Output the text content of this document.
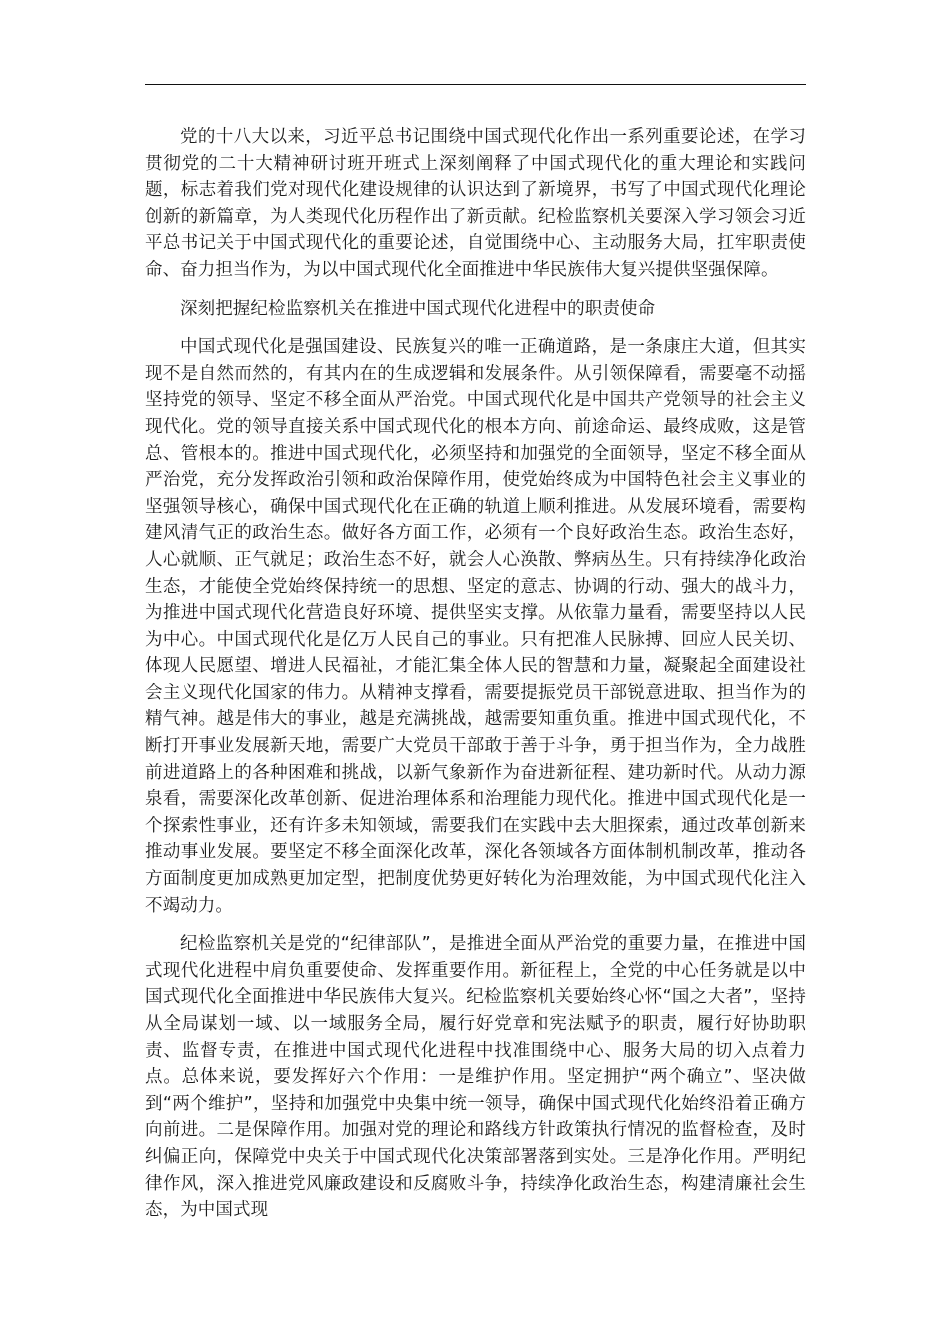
党的十八大以来，习近平总书记围绕中国式现代化作出一系列重要论述，在学习贯彻党的二十大精神研讨班开班式上深刻阐释了中国式现代化的重大理论和实践问题，标志着我们党对现代化建设规律的认识达到了新境界，书写了中国式现代化理论创新的新篇章，为人类现代化历程作出了新贡献。纪检监察机关要深入学习领会习近平总书记关于中国式现代化的重要论述，自觉围绕中心、主动服务大局，扛牢职责使命、奋力担当作为，为以中国式现代化全面推进中华民族伟大复兴提供坚强保障。

深刻把握纪检监察机关在推进中国式现代化进程中的职责使命

中国式现代化是强国建设、民族复兴的唯一正确道路，是一条康庄大道，但其实现不是自然而然的，有其内在的生成逻辑和发展条件。从引领保障看，需要毫不动摇坚持党的领导、坚定不移全面从严治党。中国式现代化是中国共产党领导的社会主义现代化。党的领导直接关系中国式现代化的根本方向、前途命运、最终成败，这是管总、管根本的。推进中国式现代化，必须坚持和加强党的全面领导，坚定不移全面从严治党，充分发挥政治引领和政治保障作用，使党始终成为中国特色社会主义事业的坚强领导核心，确保中国式现代化在正确的轨道上顺利推进。从发展环境看，需要构建风清气正的政治生态。做好各方面工作，必须有一个良好政治生态。政治生态好，人心就顺、正气就足；政治生态不好，就会人心涣散、弊病丛生。只有持续净化政治生态，才能使全党始终保持统一的思想、坚定的意志、协调的行动、强大的战斗力，为推进中国式现代化营造良好环境、提供坚实支撑。从依靠力量看，需要坚持以人民为中心。中国式现代化是亿万人民自己的事业。只有把准人民脉搏、回应人民关切、体现人民愿望、增进人民福祉，才能汇集全体人民的智慧和力量，凝聚起全面建设社会主义现代化国家的伟力。从精神支撑看，需要提振党员干部锐意进取、担当作为的精气神。越是伟大的事业，越是充满挑战，越需要知重负重。推进中国式现代化，不断打开事业发展新天地，需要广大党员干部敢于善于斗争，勇于担当作为，全力战胜前进道路上的各种困难和挑战，以新气象新作为奋进新征程、建功新时代。从动力源泉看，需要深化改革创新、促进治理体系和治理能力现代化。推进中国式现代化是一个探索性事业，还有许多未知领域，需要我们在实践中去大胆探索，通过改革创新来推动事业发展。要坚定不移全面深化改革，深化各领域各方面体制机制改革，推动各方面制度更加成熟更加定型，把制度优势更好转化为治理效能，为中国式现代化注入不竭动力。

纪检监察机关是党的“纪律部队”，是推进全面从严治党的重要力量，在推进中国式现代化进程中肩负重要使命、发挥重要作用。新征程上，全党的中心任务就是以中国式现代化全面推进中华民族伟大复兴。纪检监察机关要始终心怀“国之大者”，坚持从全局谋划一域、以一域服务全局，履行好党章和宪法赋予的职责，履行好协助职责、监督专责，在推进中国式现代化进程中找准围绕中心、服务大局的切入点着力点。总体来说，要发挥好六个作用：一是维护作用。坚定拥护“两个确立”、坚决做到“两个维护”，坚持和加强党中央集中统一领导，确保中国式现代化始终沿着正确方向前进。二是保障作用。加强对党的理论和路线方针政策执行情况的监督检查，及时纠偏正向，保障党中央关于中国式现代化决策部署落到实处。三是净化作用。严明纪律作风，深入推进党风廉政建设和反腐败斗争，持续净化政治生态，构建清廉社会生态，为中国式现
